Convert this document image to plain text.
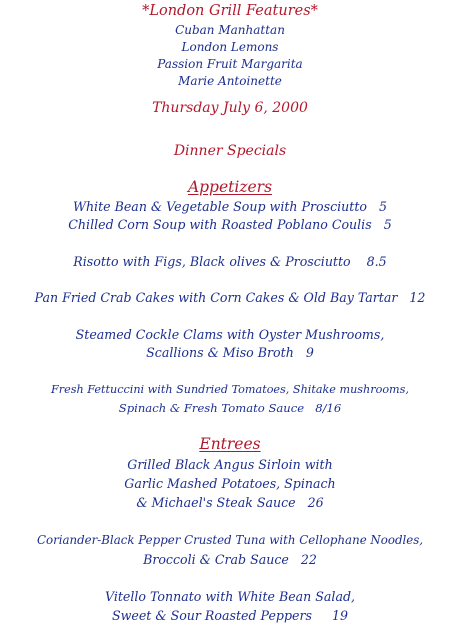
*London Grill Features*
Cuban Manhattan
London Lemons
Passion Fruit Margarita
Marie Antoinette
Thursday July 6, 2000
Dinner Specials
Appetizers
White Bean & Vegetable Soup with Prosciutto 5
Chilled Corn Soup with Roasted Poblano Coulis 5
Risotto with Figs, Black olives & Prosciutto 8.5
Pan Fried Crab Cakes with Corn Cakes & Old Bay Tartar 12
Steamed Cockle Clams with Oyster Mushrooms,
Scallions & Miso Broth 9
Fresh Fettuccini with Sundried Tomatoes, Shitake mushrooms,
Spinach & Fresh Tomato Sauce 8/16
Entrees
Grilled Black Angus Sirloin with
Garlic Mashed Potatoes, Spinach
& Michael's Steak Sauce 26
Coriander-Black Pepper Crusted Tuna with Cellophane Noodles,
Broccoli & Crab Sauce 22
Vitello Tonnato with White Bean Salad,
Sweet & Sour Roasted Peppers 19
